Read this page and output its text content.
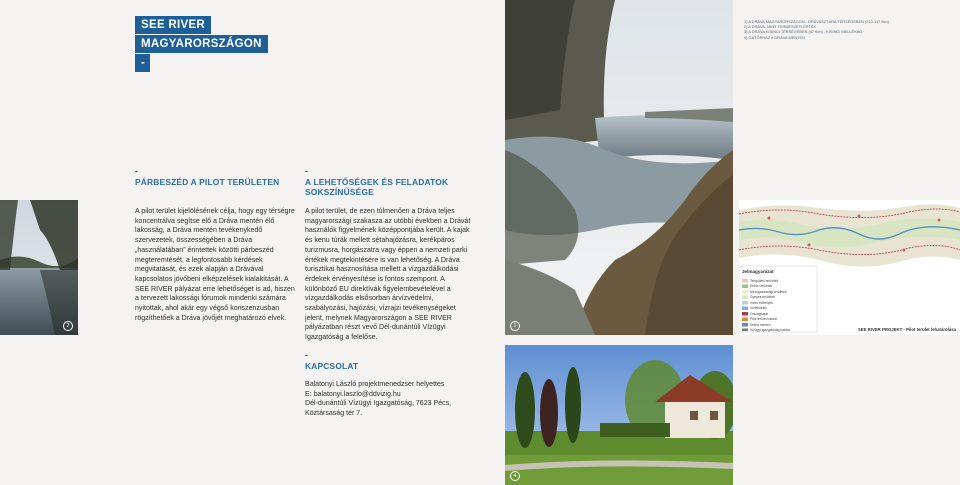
SEE RIVER
MAGYARORSZÁGON
-
2
-
PÁRBESZÉD A PILOT TERÜLETEN
A pilot terület kijelölésének célja, hogy egy térségre koncentrálva segítse elő a Dráva mentén élő lakosság, a Dráva mentén tevékenykedő szervezetek, összességében a Dráva „használatában” érintettek közötti párbeszéd megteremtését, a legfontosabb kérdések megvitatását, és ezek alapján a Drávával kapcsolatos jövőbeni elképzelések kialakítását. A SEE RIVER pályázat erre lehetőséget is ad, hiszen a tervezett lakossági fórumok mindenki számára nyitottak, ahol akár egy végső konszenzusban rögzíthetőek a Dráva jövőjét meghatározó elvek.
-
A LEHETŐSÉGEK ÉS FELADATOK
SOKSZÍNŰSÉGE
A pilot terület, de ezen túlmenően a Dráva teljes magyarországi szakasza az utóbbi években a Drávát használók figyelmének középpontjába került. A kajak és kenu túrák mellett sétahajózásra, kerékpáros turizmusra, horgászatra vagy éppen a nemzeti parki értékek megtekintésére is van lehetőség. A Dráva turisztikai hasznosítása mellett a vízgazdálkodási érdekek érvényesítése is fontos szempont. A különböző EU direktívák figyelembevételével a vízgazdálkodás elsősorban árvízvédelmi, szabályozási, hajózási, vízrajzi tevékenységeket jelent, melynek Magyarországon a SEE RIVER pályázatban részt vevő Dél-dunántúli Vízügyi Igazgatóság a felelőse.
-
KAPCSOLAT
Balatonyi László projektmenedzser helyettes
E: balatonyi.laszlo@ddvizig.hu
Dél-dunántúli Vízügyi Igazgatóság, 7623 Pécs,
Köztársaság tér 7.
1
4
1) A DRÁVA MAGYARORSZÁGON - DRÁVASZTÁRA TÉRSÉGÉBEN (210-117 fkm)
2) A DRÁVA, MINT TERMÉSZETI ÉRTÉK
3) A DRÁVA KISINCI TÉRSÉGÉBEN (87 fkm) - KISINCI MELLÉKÁG
4) GÁTŐRHÁZ A DRÁVA MENTÉN
Jelmagyarázat
Települési területek
Erdős területek
Mezőgazdasági területek
Gyepes területek
Vizes élőhelyek
Vízfelületek
Országhatár
Pilot terület határa
Dráva mentén
Vízügyi igazgatóság határa	SEE RIVER PROJEKT - Pilot terület lehatárolása
